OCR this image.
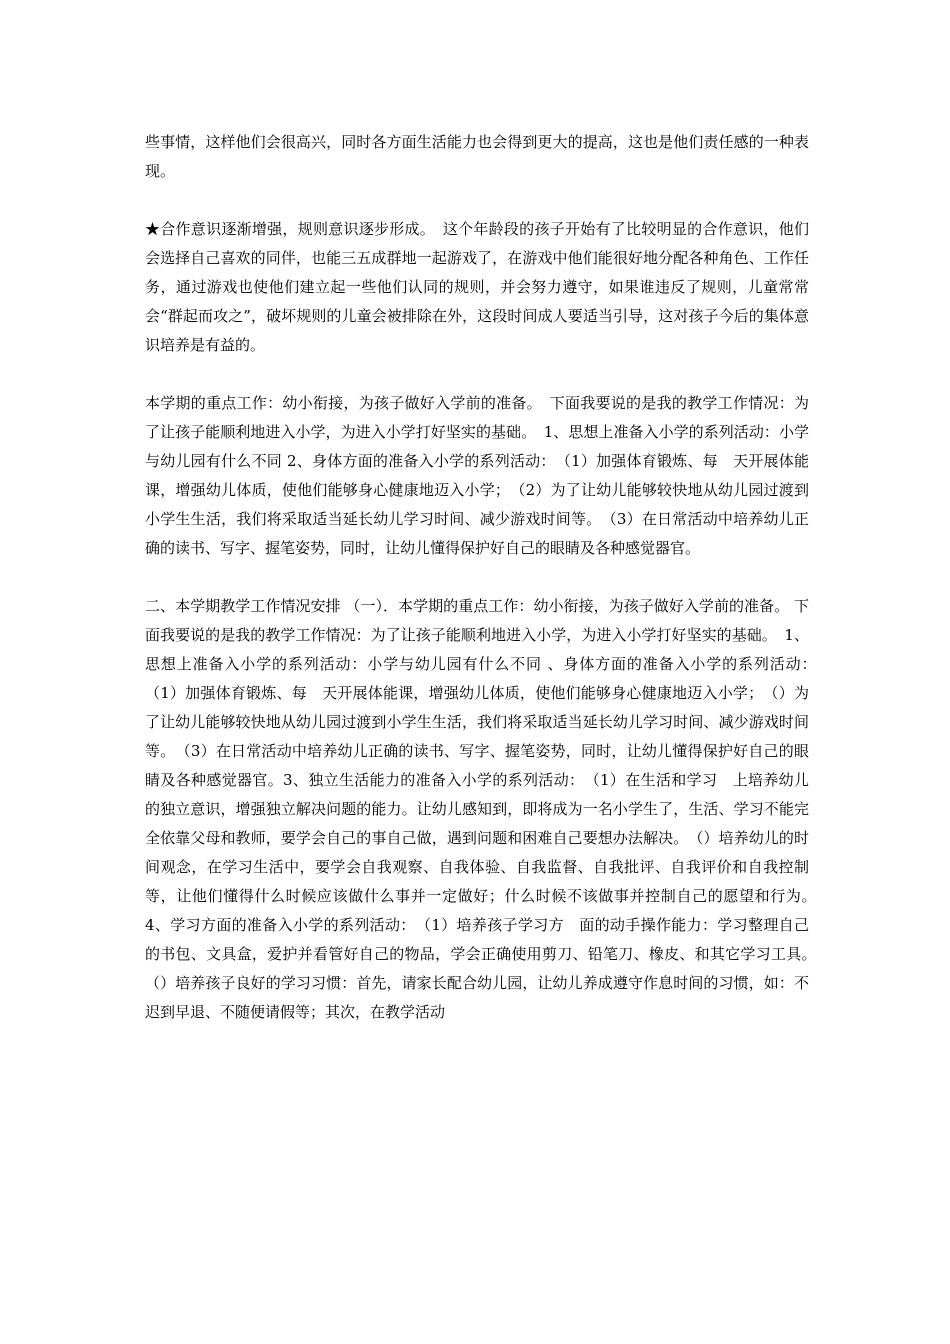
些事情，这样他们会很高兴，同时各方面生活能力也会得到更大的提高，这也是他们责任感的一种表现。

★合作意识逐渐增强，规则意识逐步形成。　这个年龄段的孩子开始有了比较明显的合作意识，他们会选择自己喜欢的同伴，也能三五成群地一起游戏了，在游戏中他们能很好地分配各种角色、工作任务，通过游戏也使他们建立起一些他们认同的规则，并会努力遵守，如果谁违反了规则，儿童常常会“群起而攻之”，破坏规则的儿童会被排除在外，这段时间成人要适当引导，这对孩子今后的集体意识培养是有益的。

本学期的重点工作：幼小衔接，为孩子做好入学前的准备。　下面我要说的是我的教学工作情况：为了让孩子能顺利地进入小学，为进入小学打好坚实的基础。　1、思想上准备入小学的系列活动：小学与幼儿园有什么不同 2、身体方面的准备入小学的系列活动：　（1）加强体育锻炼、每　天开展体能课，增强幼儿体质，使他们能够身心健康地迈入小学；　（2）为了让幼儿能够较快地从幼儿园过渡到小学生生活，我们将采取适当延长幼儿学习时间、减少游戏时间等。　（3）在日常活动中培养幼儿正确的读书、写字、握笔姿势，同时，让幼儿懂得保护好自己的眼睛及各种感觉器官。

二、本学期教学工作情况安排 （一）．本学期的重点工作：幼小衔接，为孩子做好入学前的准备。 下面我要说的是我的教学工作情况：为了让孩子能顺利地进入小学，为进入小学打好坚实的基础。　1、思想上准备入小学的系列活动：小学与幼儿园有什么不同 、身体方面的准备入小学的系列活动：　（1）加强体育锻炼、每　天开展体能课，增强幼儿体质，使他们能够身心健康地迈入小学；　（）为了让幼儿能够较快地从幼儿园过渡到小学生生活，我们将采取适当延长幼儿学习时间、减少游戏时间等。　（3）在日常活动中培养幼儿正确的读书、写字、握笔姿势，同时，让幼儿懂得保护好自己的眼睛及各种感觉器官。3、独立生活能力的准备入小学的系列活动：　（1）在生活和学习　上培养幼儿的独立意识，增强独立解决问题的能力。让幼儿感知到，即将成为一名小学生了，生活、学习不能完全依靠父母和教师，要学会自己的事自己做，遇到问题和困难自己要想办法解决。　（）培养幼儿的时间观念，在学习生活中，要学会自我观察、自我体验、自我监督、自我批评、自我评价和自我控制等，让他们懂得什么时候应该做什么事并一定做好；什么时候不该做事并控制自己的愿望和行为。　4、学习方面的准备入小学的系列活动：　（1）培养孩子学习方　面的动手操作能力：学习整理自己的书包、文具盒，爱护并看管好自己的物品，学会正确使用剪刀、铅笔刀、橡皮、和其它学习工具。　（）培养孩子良好的学习习惯：首先，请家长配合幼儿园，让幼儿养成遵守作息时间的习惯，如：不迟到早退、不随便请假等；其次，在教学活动
